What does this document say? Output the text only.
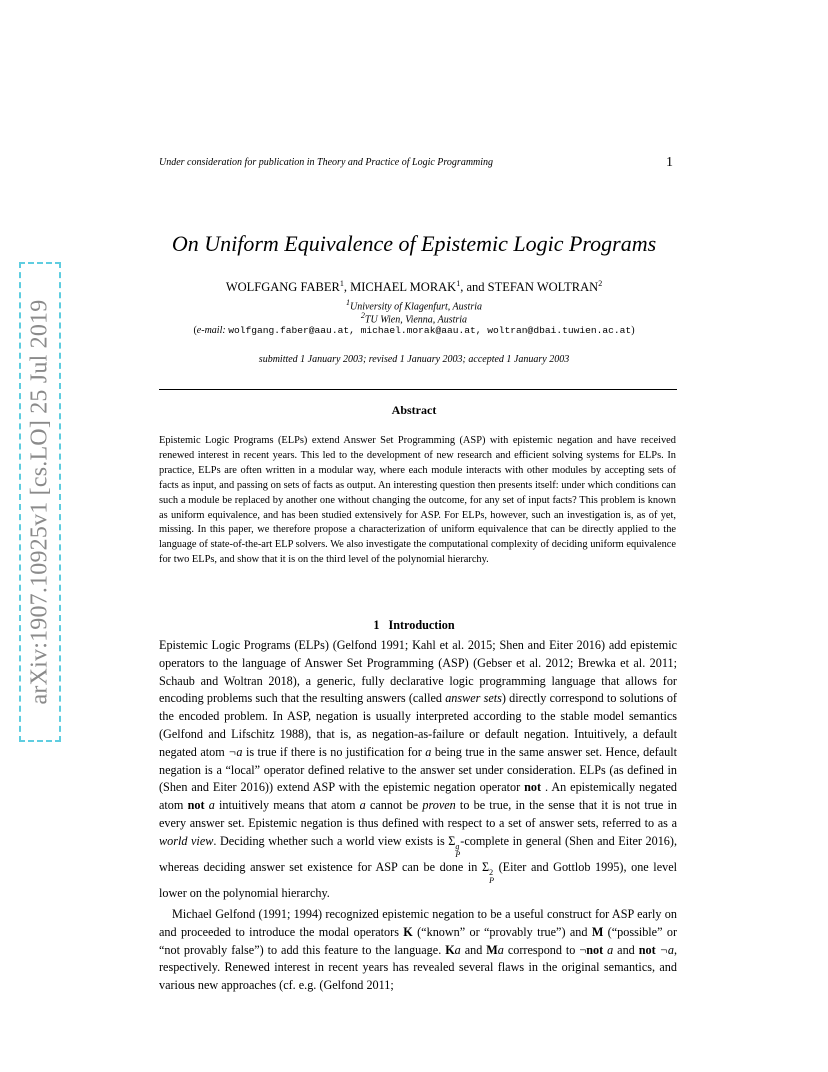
arXiv:1907.10925v1 [cs.LO] 25 Jul 2019
Under consideration for publication in Theory and Practice of Logic Programming	1
On Uniform Equivalence of Epistemic Logic Programs
WOLFGANG FABER$^1$, MICHAEL MORAK$^1$, and STEFAN WOLTRAN$^2$
$^1$University of Klagenfurt, Austria
$^2$TU Wien, Vienna, Austria
(e-mail: wolfgang.faber@aau.at, michael.morak@aau.at, woltran@dbai.tuwien.ac.at)
submitted 1 January 2003; revised 1 January 2003; accepted 1 January 2003
Abstract
Epistemic Logic Programs (ELPs) extend Answer Set Programming (ASP) with epistemic negation and have received renewed interest in recent years. This led to the development of new research and efficient solving systems for ELPs. In practice, ELPs are often written in a modular way, where each module interacts with other modules by accepting sets of facts as input, and passing on sets of facts as output. An interesting question then presents itself: under which conditions can such a module be replaced by another one without changing the outcome, for any set of input facts? This problem is known as uniform equivalence, and has been studied extensively for ASP. For ELPs, however, such an investigation is, as of yet, missing. In this paper, we therefore propose a characterization of uniform equivalence that can be directly applied to the language of state-of-the-art ELP solvers. We also investigate the computational complexity of deciding uniform equivalence for two ELPs, and show that it is on the third level of the polynomial hierarchy.
1 Introduction
Epistemic Logic Programs (ELPs) (Gelfond 1991; Kahl et al. 2015; Shen and Eiter 2016) add epistemic operators to the language of Answer Set Programming (ASP) (Gebser et al. 2012; Brewka et al. 2011; Schaub and Woltran 2018), a generic, fully declarative logic programming language that allows for encoding problems such that the resulting answers (called answer sets) directly correspond to solutions of the encoded problem. In ASP, negation is usually interpreted according to the stable model semantics (Gelfond and Lifschitz 1988), that is, as negation-as-failure or default negation. Intuitively, a default negated atom ¬a is true if there is no justification for a being true in the same answer set. Hence, default negation is a “local” operator defined relative to the answer set under consideration. ELPs (as defined in (Shen and Eiter 2016)) extend ASP with the epistemic negation operator not . An epistemically negated atom not a intuitively means that atom a cannot be proven to be true, in the sense that it is not true in every answer set. Epistemic negation is thus defined with respect to a set of answer sets, referred to as a world view. Deciding whether such a world view exists is Σ g
P
-complete in general (Shen and Eiter 2016), whereas deciding answer set existence for ASP can be done in Σ 2
P
(Eiter and Gottlob 1995), one level lower on the polynomial hierarchy.
Michael Gelfond (1991; 1994) recognized epistemic negation to be a useful construct for ASP early on and proceeded to introduce the modal operators K (“known” or “provably true”) and M (“possible” or “not provably false”) to add this feature to the language. Ka and Ma correspond to ¬not a and not ¬a, respectively. Renewed interest in recent years has revealed several flaws in the original semantics, and various new approaches (cf. e.g. (Gelfond 2011;
